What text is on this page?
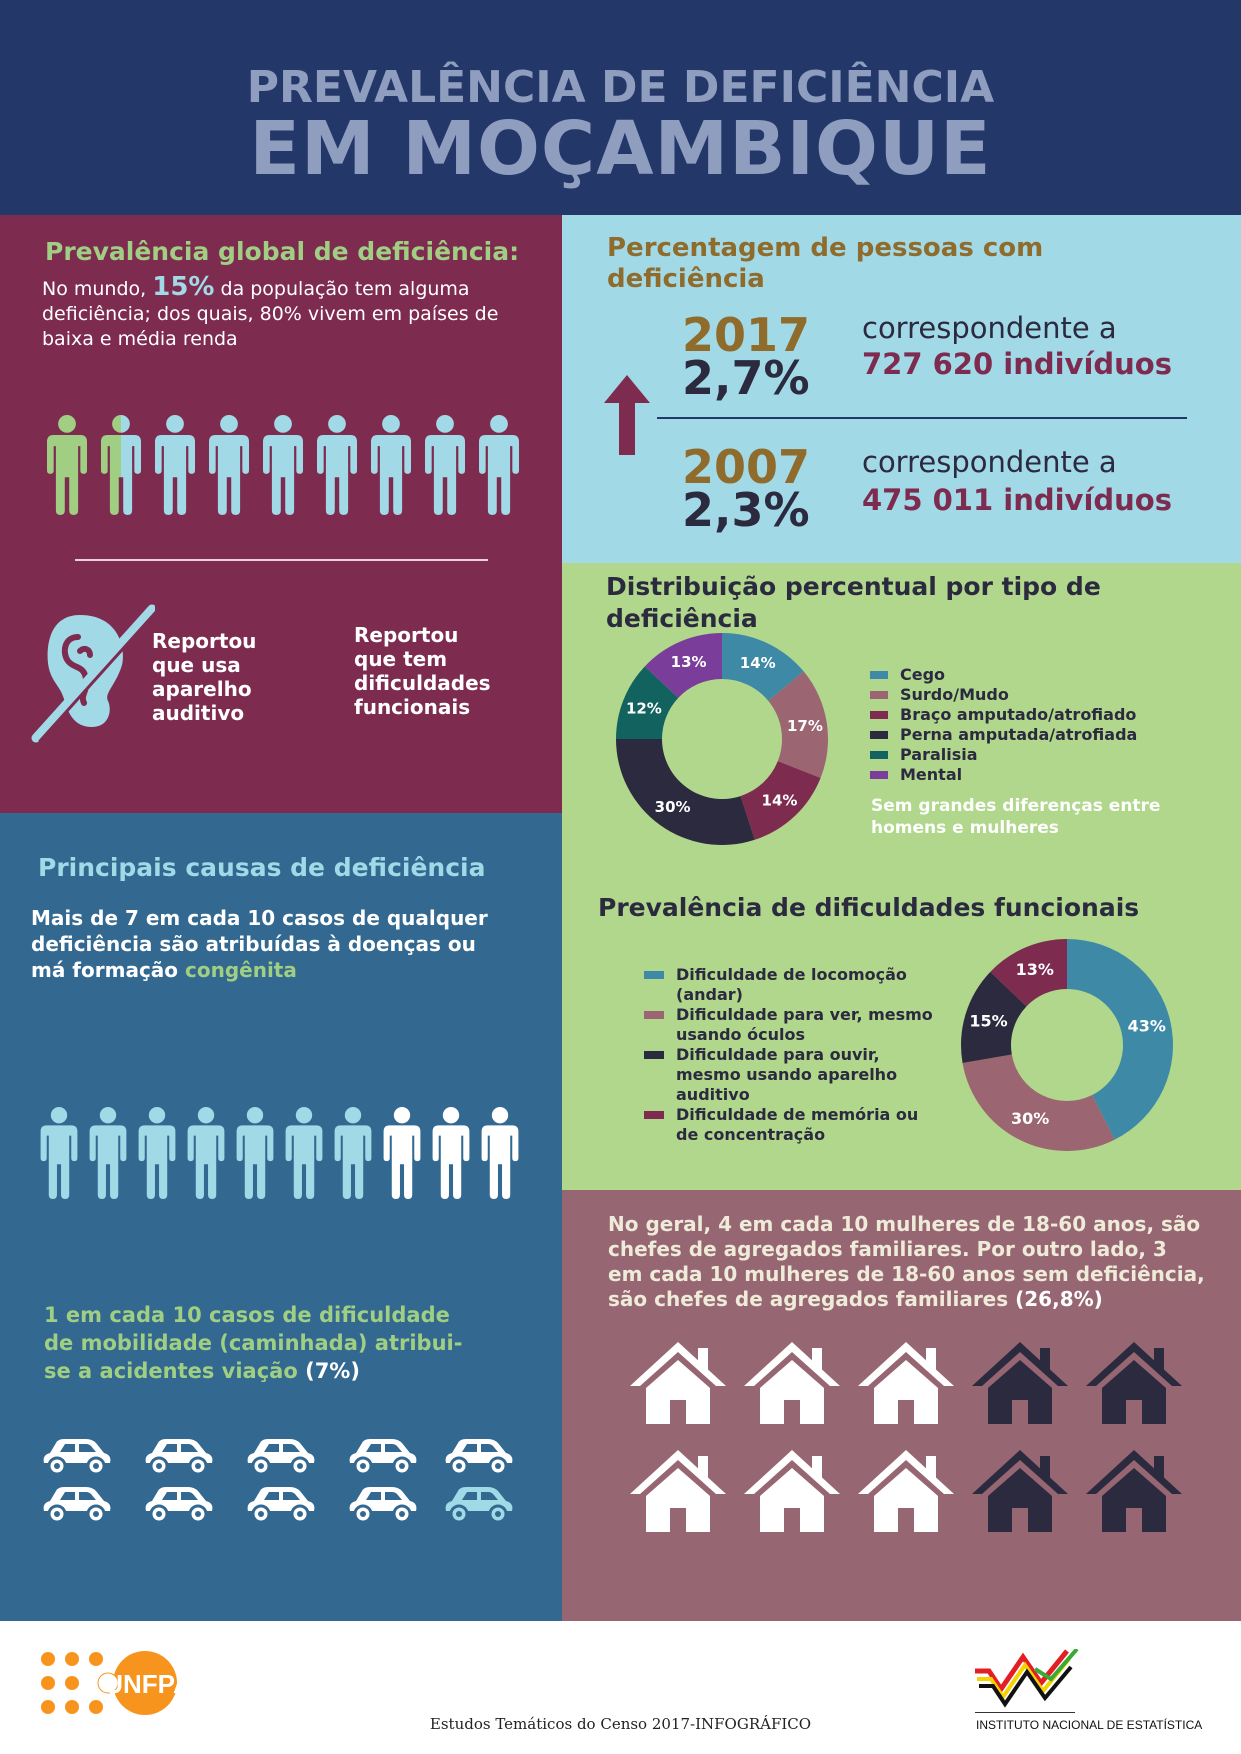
PREVALÊNCIA DE DEFICIÊNCIA
EM MOÇAMBIQUE
Prevalência global de deficiência:
No mundo, 15% da população tem alguma deficiência; dos quais, 80% vivem em países de baixa e média renda
Reportou que usa aparelho auditivo
Reportou que tem dificuldades funcionais
Percentagem de pessoas com deficiência
2017
2,7%
correspondente a
727 620 indivíduos
2007
2,3%
correspondente a
475 011 indivíduos
Distribuição percentual por tipo de deficiência
14%
17%
14%
30%
12%
13%
Cego
Surdo/Mudo
Braço amputado/atrofiado
Perna amputada/atrofiada
Paralisia
Mental
Sem grandes diferenças entre homens e mulheres
Prevalência de dificuldades funcionais
Dificuldade de locomoção (andar)
Dificuldade para ver, mesmo usando óculos
Dificuldade para ouvir, mesmo usando aparelho auditivo
Dificuldade de memória ou de concentração
43%
30%
15%
13%
Principais causas de deficiência
Mais de 7 em cada 10 casos de qualquer deficiência são atribuídas à doenças ou má formação congênita
1 em cada 10 casos de dificuldade de mobilidade (caminhada) atribui-se a acidentes viação (7%)
No geral, 4 em cada 10 mulheres de 18-60 anos, são chefes de agregados familiares. Por outro lado, 3 em cada 10 mulheres de 18-60 anos sem deficiência, são chefes de agregados familiares (26,8%)
UNFPA
Estudos Temáticos do Censo 2017-INFOGRÁFICO	INSTITUTO NACIONAL DE ESTATÍSTICA
